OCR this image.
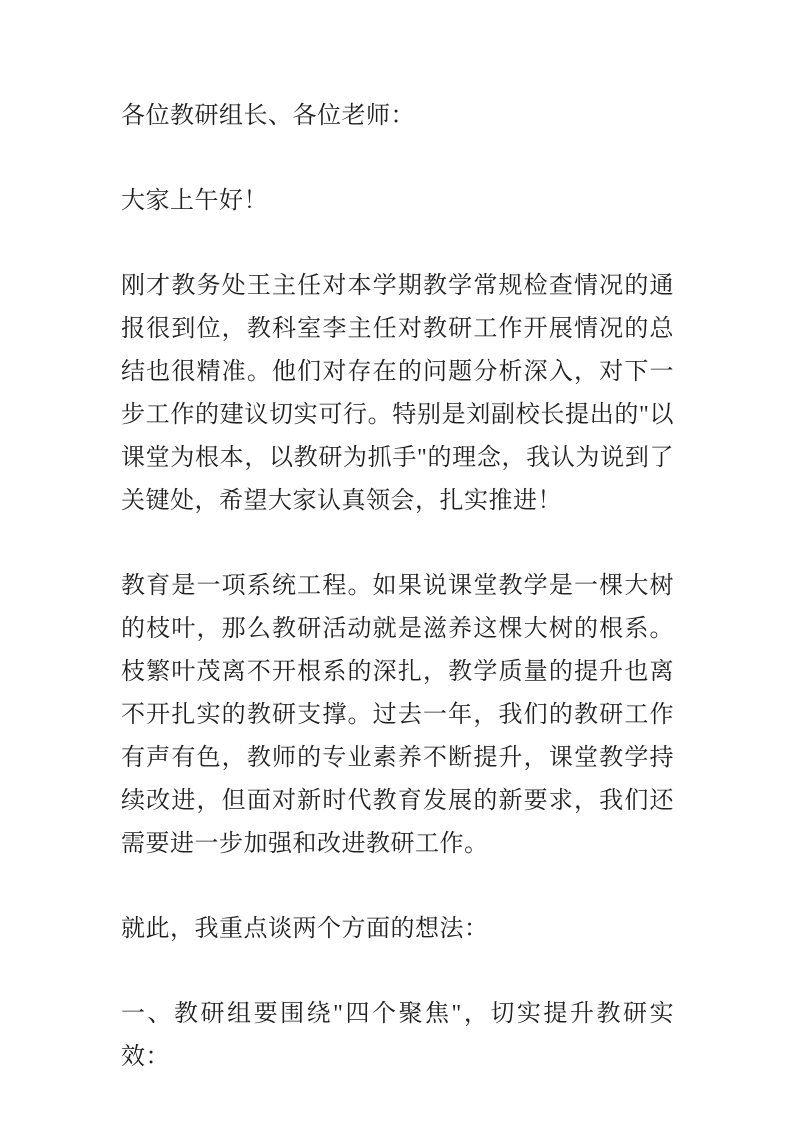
各位教研组长、各位老师：

大家上午好！

刚才教务处王主任对本学期教学常规检查情况的通报很到位，教科室李主任对教研工作开展情况的总结也很精准。他们对存在的问题分析深入，对下一步工作的建议切实可行。特别是刘副校长提出的"以课堂为根本，以教研为抓手"的理念，我认为说到了关键处，希望大家认真领会，扎实推进！

教育是一项系统工程。如果说课堂教学是一棵大树的枝叶，那么教研活动就是滋养这棵大树的根系。枝繁叶茂离不开根系的深扎，教学质量的提升也离不开扎实的教研支撑。过去一年，我们的教研工作有声有色，教师的专业素养不断提升，课堂教学持续改进，但面对新时代教育发展的新要求，我们还需要进一步加强和改进教研工作。

就此，我重点谈两个方面的想法：

一、教研组要围绕"四个聚焦"，切实提升教研实效：
